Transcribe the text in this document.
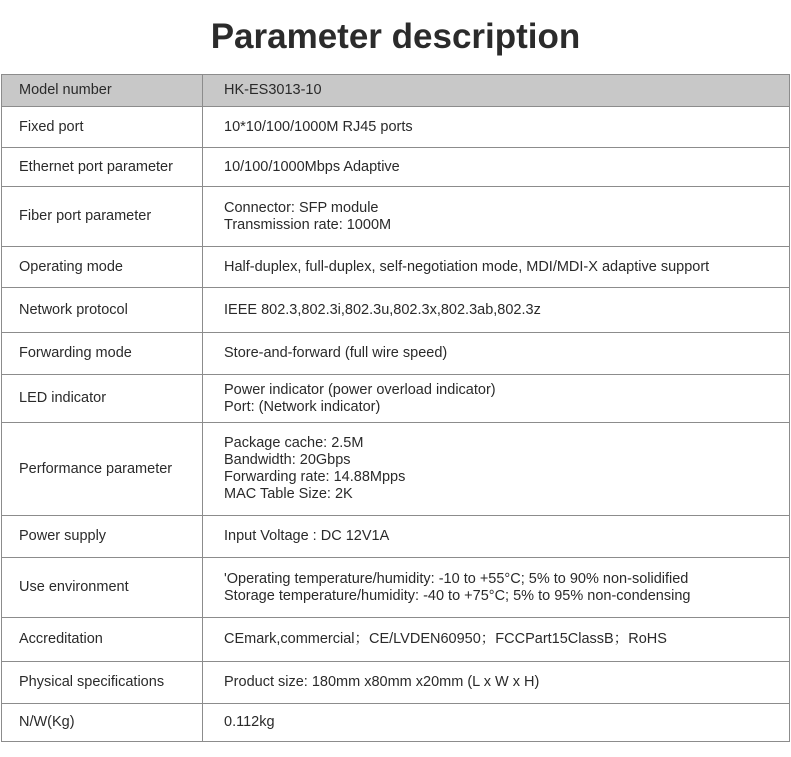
Parameter description
Model number	HK-ES3013-10

Fixed port	10*10/100/1000M RJ45 ports

Ethernet port parameter	10/100/1000Mbps Adaptive

Fiber port parameter	Connector: SFP module
Transmission rate: 1000M

Operating mode	Half-duplex, full-duplex, self-negotiation mode, MDI/MDI-X adaptive support

Network protocol	IEEE 802.3,802.3i,802.3u,802.3x,802.3ab,802.3z

Forwarding mode	Store-and-forward (full wire speed)

LED indicator	Power indicator (power overload indicator)
Port: (Network indicator)

Performance parameter	Package cache: 2.5M
Bandwidth: 20Gbps
Forwarding rate: 14.88Mpps
MAC Table Size: 2K

Power supply	Input Voltage : DC 12V1A

Use environment	'Operating temperature/humidity: -10 to +55°C; 5% to 90% non-solidified
Storage temperature/humidity: -40 to +75°C; 5% to 95% non-condensing

Accreditation	CEmark,commercial；CE/LVDEN60950；FCCPart15ClassB；RoHS

Physical specifications	Product size: 180mm x80mm x20mm (L x W x H)

N/W(Kg)	0.112kg
